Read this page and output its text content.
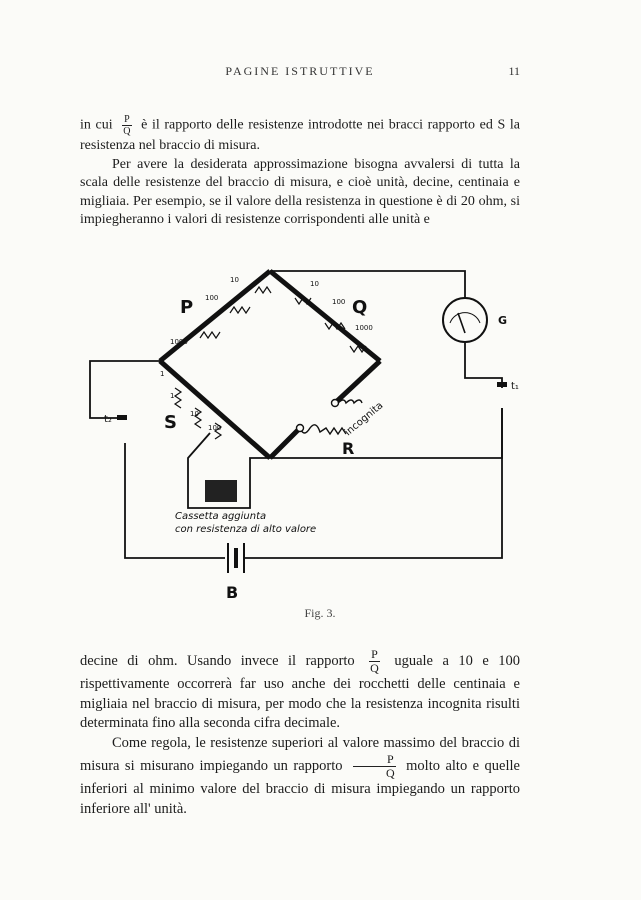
PAGINE ISTRUTTIVE	11

in cui $\frac{P}{Q}$ è il rapporto delle resistenze introdotte nei bracci rapporto ed S la resistenza nel braccio di misura.

Per avere la desiderata approssimazione bisogna avvalersi di tutta la scala delle resistenze del braccio di misura, e cioè unità, decine, centinaia e migliaia. Per esempio, se il valore della resistenza in questione è di 20 ohm, si impiegheranno i valori di resistenze corrispondenti alle unità e

P	Q
S
R
G
B
t₁
t₂	incognita
1000
100
10	10
100
1000
1
1
10
100
Cassetta aggiunta
con resistenza di alto valore
Fig. 3.

decine di ohm. Usando invece il rapporto $\frac{P}{Q}$ uguale a 10 e 100 rispettivamente occorrerà far uso anche dei rocchetti delle centinaia e migliaia nel braccio di misura, per modo che la resistenza incognita risulti determinata fino alla seconda cifra decimale.

Come regola, le resistenze superiori al valore massimo del braccio di misura si misurano impiegando un rapporto $\frac{P}{Q}$ molto alto e quelle inferiori al minimo valore del braccio di misura impiegando un rapporto inferiore all' unità.
